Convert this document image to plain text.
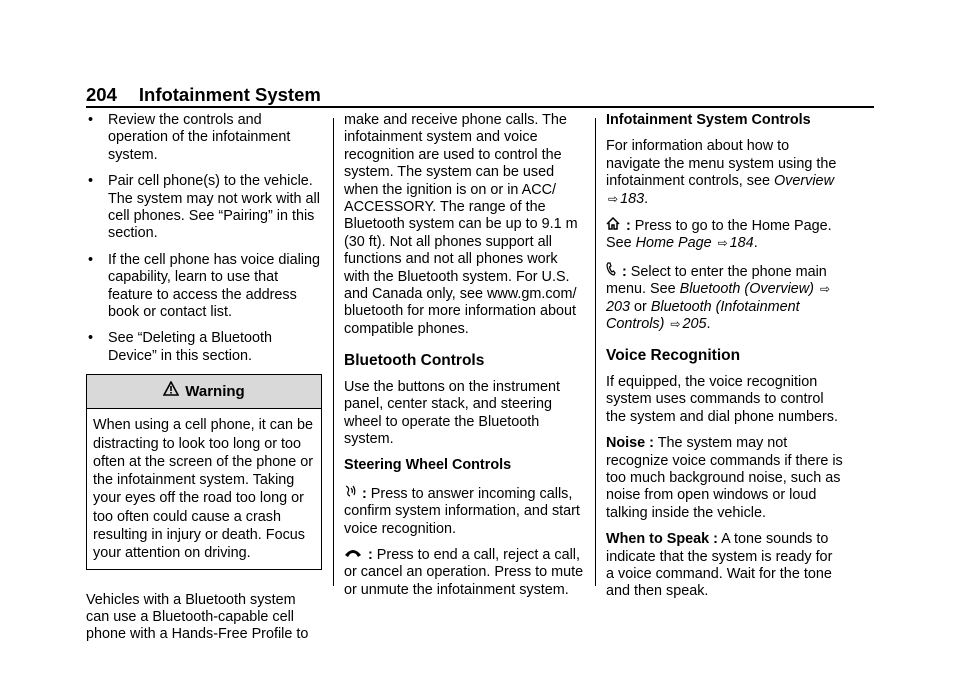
204 Infotainment System
• Review the controls and operation of the infotainment system.
• Pair cell phone(s) to the vehicle. The system may not work with all cell phones. See “Pairing” in this section.
• If the cell phone has voice dialing capability, learn to use that feature to access the address book or contact list.
• See “Deleting a Bluetooth Device” in this section.
Warning
When using a cell phone, it can be distracting to look too long or too often at the screen of the phone or the infotainment system. Taking your eyes off the road too long or too often could cause a crash resulting in injury or death. Focus your attention on driving.

Vehicles with a Bluetooth system can use a Bluetooth-capable cell phone with a Hands-Free Profile to

make and receive phone calls. The infotainment system and voice recognition are used to control the system. The system can be used when the ignition is on or in ACC/ ACCESSORY. The range of the Bluetooth system can be up to 9.1 m (30 ft). Not all phones support all functions and not all phones work with the Bluetooth system. For U.S. and Canada only, see www.gm.com/ bluetooth for more information about compatible phones.

Bluetooth Controls

Use the buttons on the instrument panel, center stack, and steering wheel to operate the Bluetooth system.

Steering Wheel Controls

: Press to answer incoming calls, confirm system information, and start voice recognition.

: Press to end a call, reject a call, or cancel an operation. Press to mute or unmute the infotainment system.

Infotainment System Controls

For information about how to navigate the menu system using the infotainment controls, see Overview ⇨ 183.

: Press to go to the Home Page. See Home Page ⇨ 184.

: Select to enter the phone main menu. See Bluetooth (Overview) ⇨203 or Bluetooth (Infotainment Controls) ⇨ 205.

Voice Recognition

If equipped, the voice recognition system uses commands to control the system and dial phone numbers.

Noise : The system may not recognize voice commands if there is too much background noise, such as noise from open windows or loud talking inside the vehicle.

When to Speak : A tone sounds to indicate that the system is ready for a voice command. Wait for the tone and then speak.
